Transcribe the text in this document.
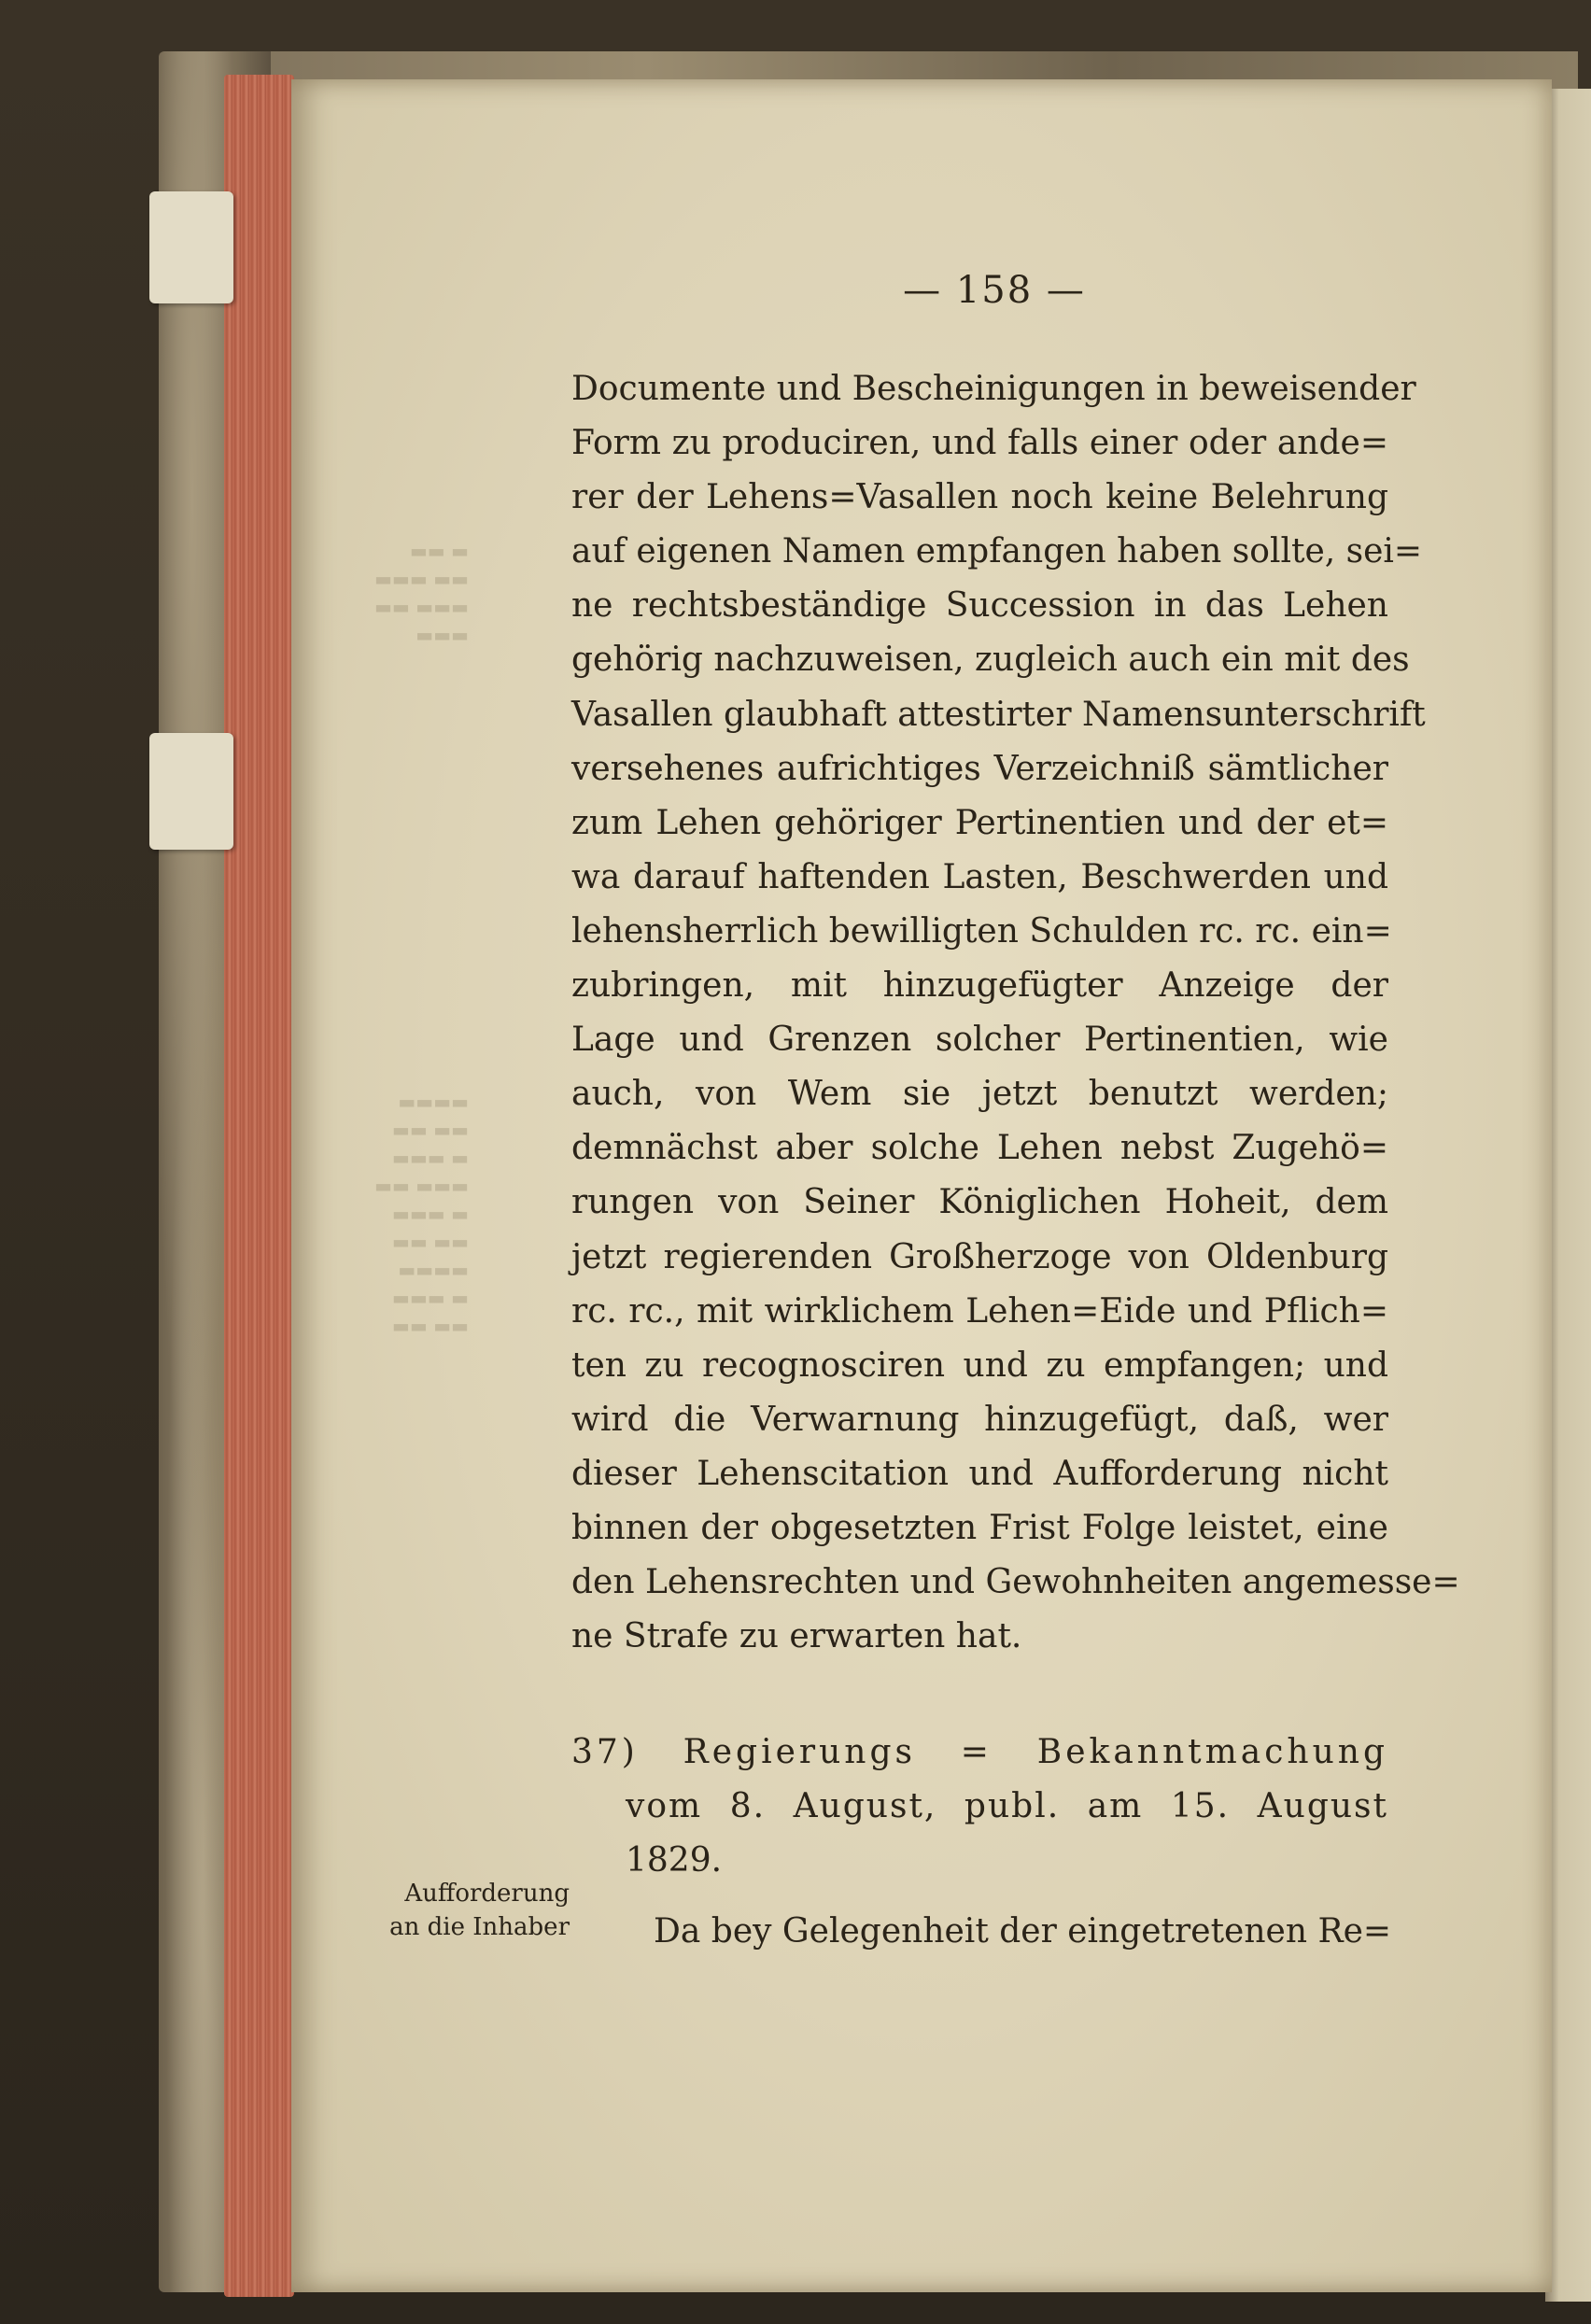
▬▬ ▬
▬▬▬ ▬▬
▬▬ ▬▬▬
▬▬▬
▬▬▬▬
▬▬ ▬▬
▬▬▬ ▬
▬▬ ▬▬▬
▬▬▬ ▬
▬▬ ▬▬
▬▬▬▬
▬▬▬ ▬
▬▬ ▬▬
— 158 —
Documente und Bescheinigungen in beweisender
Form zu produciren, und falls einer oder ande=
rer der Lehens=Vasallen noch keine Belehrung
auf eigenen Namen empfangen haben sollte, sei=
ne rechtsbeständige Succession in das Lehen
gehörig nachzuweisen, zugleich auch ein mit des
Vasallen glaubhaft attestirter Namensunterschrift
versehenes aufrichtiges Verzeichniß sämtlicher
zum Lehen gehöriger Pertinentien und der et=
wa darauf haftenden Lasten, Beschwerden und
lehensherrlich bewilligten Schulden rc. rc. ein=
zubringen, mit hinzugefügter Anzeige der
Lage und Grenzen solcher Pertinentien, wie
auch, von Wem sie jetzt benutzt werden;
demnächst aber solche Lehen nebst Zugehö=
rungen von Seiner Königlichen Hoheit, dem
jetzt regierenden Großherzoge von Oldenburg
rc. rc., mit wirklichem Lehen=Eide und Pflich=
ten zu recognosciren und zu empfangen; und
wird die Verwarnung hinzugefügt, daß, wer
dieser Lehenscitation und Aufforderung nicht
binnen der obgesetzten Frist Folge leistet, eine
den Lehensrechten und Gewohnheiten angemesse=
ne Strafe zu erwarten hat.
37) Regierungs = Bekanntmachung
vom 8. August, publ. am 15. August
1829.
Aufforderung
an die Inhaber	Da bey Gelegenheit der eingetretenen Re=
